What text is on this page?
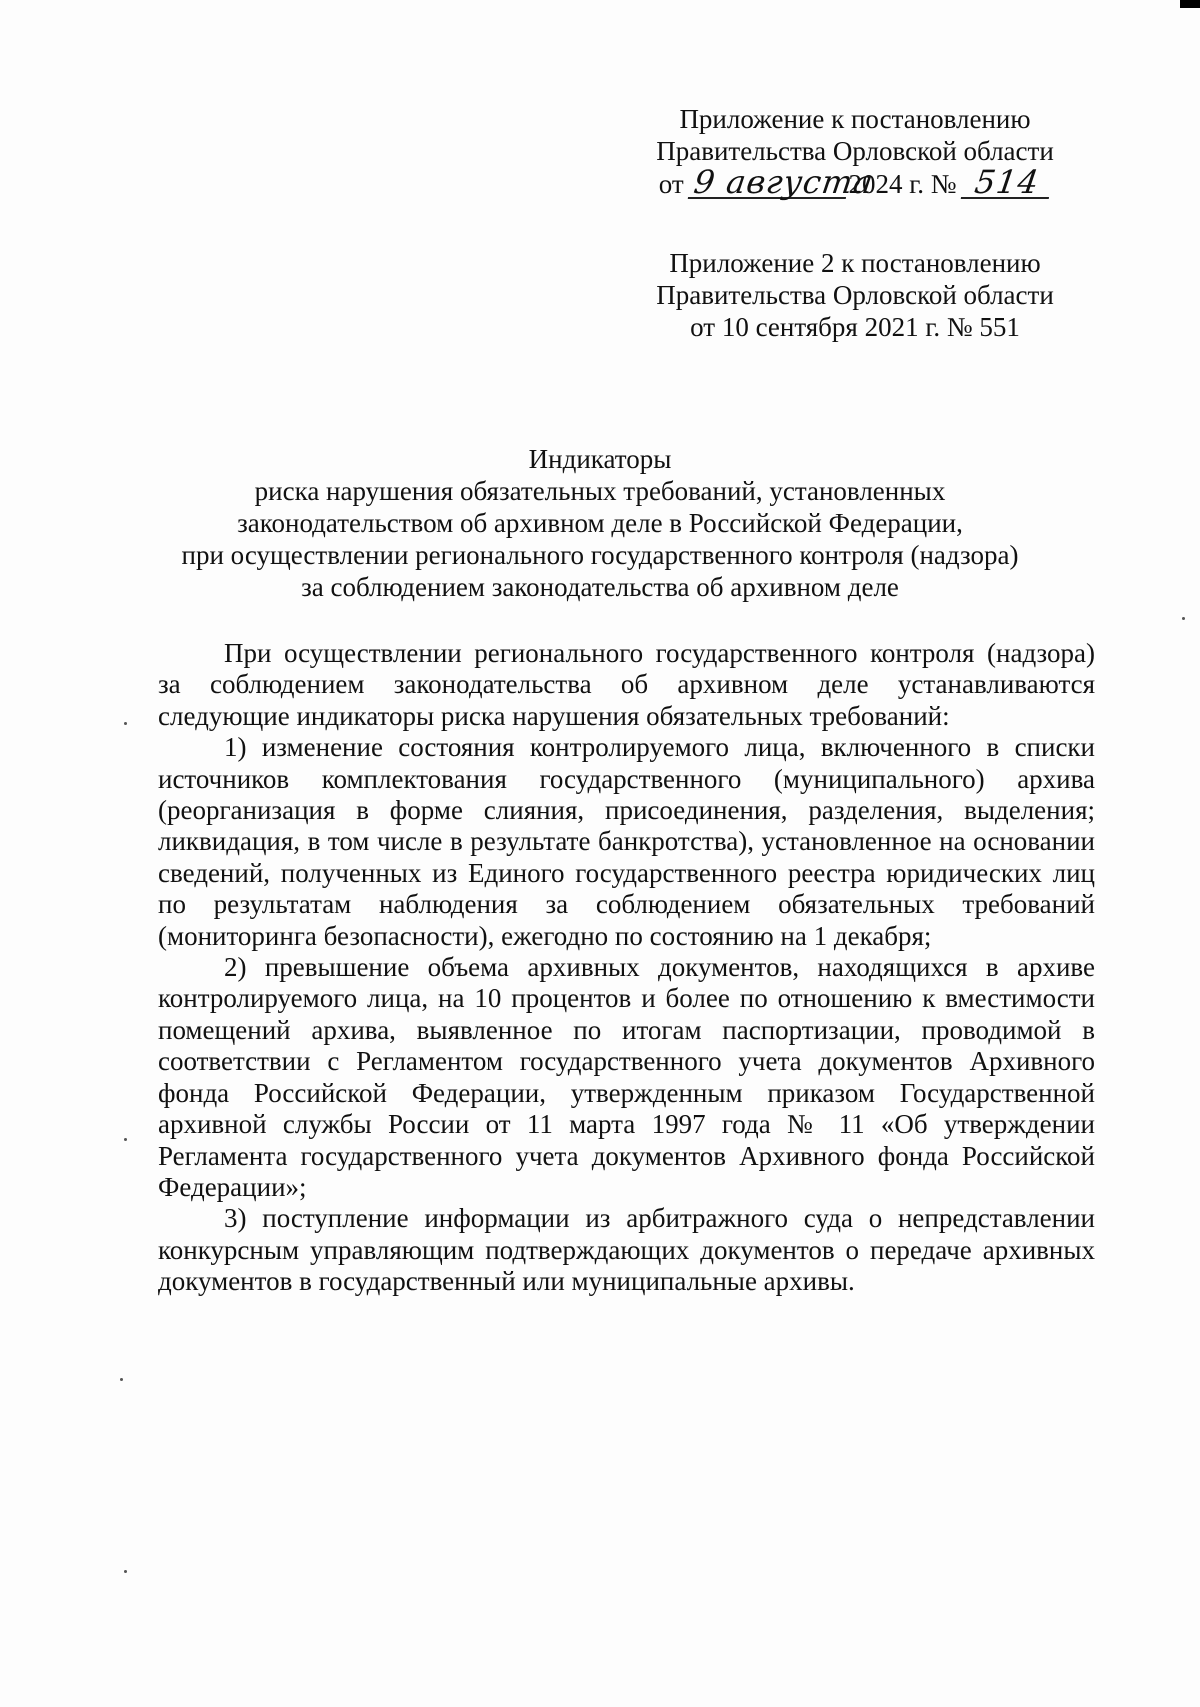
Приложение к постановлению
Правительства Орловской области
от 9 августа2024 г. № 514
Приложение 2 к постановлению
Правительства Орловской области
от 10 сентября 2021 г. № 551
Индикаторы
риска нарушения обязательных требований, установленных
законодательством об архивном деле в Российской Федерации,
при осуществлении регионального государственного контроля (надзора)
за соблюдением законодательства об архивном деле

При осуществлении регионального государственного контроля (надзора) за соблюдением законодательства об архивном деле устанавливаются следующие индикаторы риска нарушения обязательных требований:

1) изменение состояния контролируемого лица, включенного в списки источников комплектования государственного (муниципального) архива (реорганизация в форме слияния, присоединения, разделения, выделения; ликвидация, в том числе в результате банкротства), установленное на основании сведений, полученных из Единого государственного реестра юридических лиц по результатам наблюдения за соблюдением обязательных требований (мониторинга безопасности), ежегодно по состоянию на 1 декабря;

2) превышение объема архивных документов, находящихся в архиве контролируемого лица, на 10 процентов и более по отношению к вместимости помещений архива, выявленное по итогам паспортизации, проводимой в соответствии с Регламентом государственного учета документов Архивного фонда Российской Федерации, утвержденным приказом Государственной архивной службы России от 11 марта 1997 года № 11 «Об утверждении Регламента государственного учета документов Архивного фонда Российской Федерации»;

3) поступление информации из арбитражного суда о непредставлении конкурсным управляющим подтверждающих документов о передаче архивных документов в государственный или муниципальные архивы.
